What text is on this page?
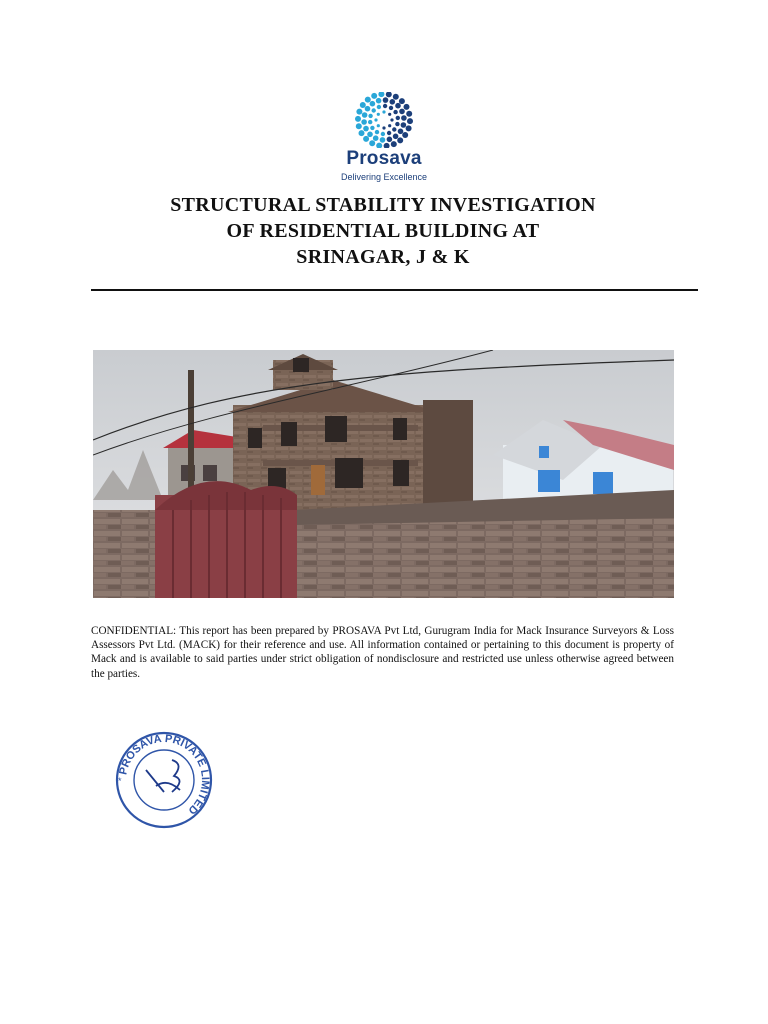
Prosava
Delivering Excellence
STRUCTURAL STABILITY INVESTIGATION
OF RESIDENTIAL BUILDING AT
SRINAGAR, J & K
CONFIDENTIAL: This report has been prepared by PROSAVA Pvt Ltd, Gurugram India for Mack Insurance Surveyors & Loss Assessors Pvt Ltd. (MACK) for their reference and use. All information contained or pertaining to this document is property of Mack and is available to said parties under strict obligation of nondisclosure and restricted use unless otherwise agreed between the parties.
PROSAVA PRIVATE LIMITED
*
